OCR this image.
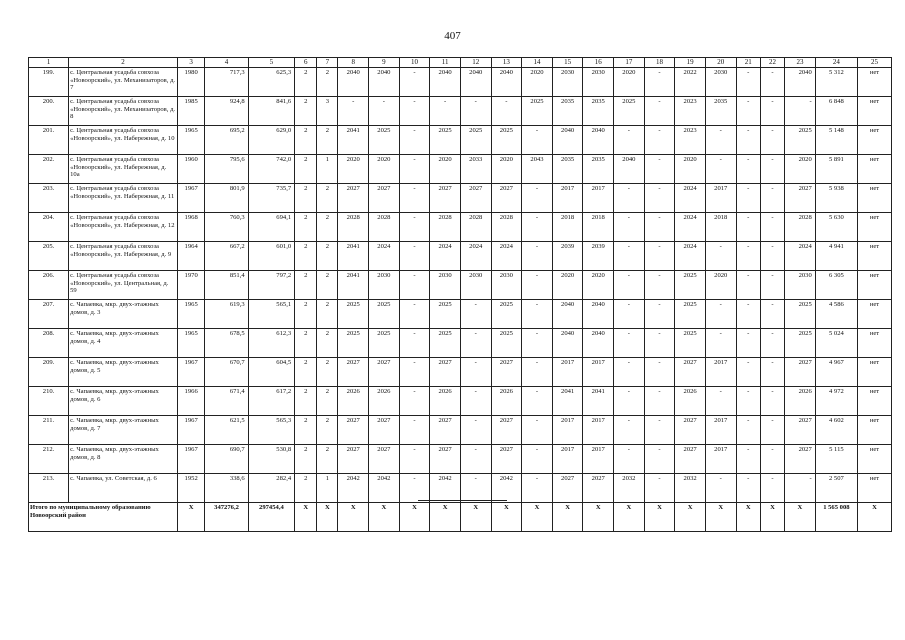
407
1	2	3	4	5	6	7	8	9	10	11	12	13	14	15	16	17	18	19	20	21	22	23	24	25
199.	с. Центральная усадьба совхоза «Новоорский», ул. Механизаторов, д. 7	1980	717,3	625,3	2	2	2040	2040	-	2040	2040	2040	2020	2030	2030	2020	-	2022	2030	-	-	2040	5 312	нет
200.	с. Центральная усадьба совхоза «Новоорский», ул. Механизаторов, д. 8	1985	924,8	841,6	2	3	-	-	-	-	-	-	2025	2035	2035	2025	-	2023	2035	-	-	-	6 848	нет
201.	с. Центральная усадьба совхоза «Новоорский», ул. Набережная, д. 10	1965	695,2	629,0	2	2	2041	2025	-	2025	2025	2025	-	2040	2040	-	-	2023	-	-	-	2025	5 148	нет
202.	с. Центральная усадьба совхоза «Новоорский», ул. Набережная, д. 10а	1960	795,6	742,0	2	1	2020	2020	-	2020	2033	2020	2043	2035	2035	2040	-	2020	-	-	-	2020	5 891	нет
203.	с. Центральная усадьба совхоза «Новоорский», ул. Набережная, д. 11	1967	801,9	735,7	2	2	2027	2027	-	2027	2027	2027	-	2017	2017	-	-	2024	2017	-	-	2027	5 938	нет
204.	с. Центральная усадьба совхоза «Новоорский», ул. Набережная, д. 12	1968	760,3	694,1	2	2	2028	2028	-	2028	2028	2028	-	2018	2018	-	-	2024	2018	-	-	2028	5 630	нет
205.	с. Центральная усадьба совхоза «Новоорский», ул. Набережная, д. 9	1964	667,2	601,0	2	2	2041	2024	-	2024	2024	2024	-	2039	2039	-	-	2024	-	-	-	2024	4 941	нет
206.	с. Центральная усадьба совхоза «Новоорский», ул. Центральная, д. 59	1970	851,4	797,2	2	2	2041	2030	-	2030	2030	2030	-	2020	2020	-	-	2025	2020	-	-	2030	6 305	нет
207.	с. Чапаевка, мкр. двух-этажных домов, д. 3	1965	619,3	565,1	2	2	2025	2025	-	2025	-	2025	-	2040	2040	-	-	2025	-	-	-	2025	4 586	нет
208.	с. Чапаевка, мкр. двух-этажных домов, д. 4	1965	678,5	612,3	2	2	2025	2025	-	2025	-	2025	-	2040	2040	-	-	2025	-	-	-	2025	5 024	нет
209.	с. Чапаевка, мкр. двух-этажных домов, д. 5	1967	670,7	604,5	2	2	2027	2027	-	2027	-	2027	-	2017	2017	-	-	2027	2017	-	-	2027	4 967	нет
210.	с. Чапаевка, мкр. двух-этажных домов, д. 6	1966	671,4	617,2	2	2	2026	2026	-	2026	-	2026	-	2041	2041	-	-	2026	-	-	-	2026	4 972	нет
211.	с. Чапаевка, мкр. двух-этажных домов, д. 7	1967	621,5	565,3	2	2	2027	2027	-	2027	-	2027	-	2017	2017	-	-	2027	2017	-	-	2027	4 602	нет
212.	с. Чапаевка, мкр. двух-этажных домов, д. 8	1967	690,7	530,8	2	2	2027	2027	-	2027	-	2027	-	2017	2017	-	-	2027	2017	-	-	2027	5 115	нет
213.	с. Чапаевка, ул. Советская, д. 6	1952	338,6	282,4	2	1	2042	2042	-	2042	-	2042	-	2027	2027	2032	-	2032	-	-	-	-	2 507	нет
Итого по муниципальному образованию Новоорский район		X	347276,2	297454,4	X	X	X	X	X	X	X	X	X	X	X	X	X	X	X	X	X	X	1 565 008	X
